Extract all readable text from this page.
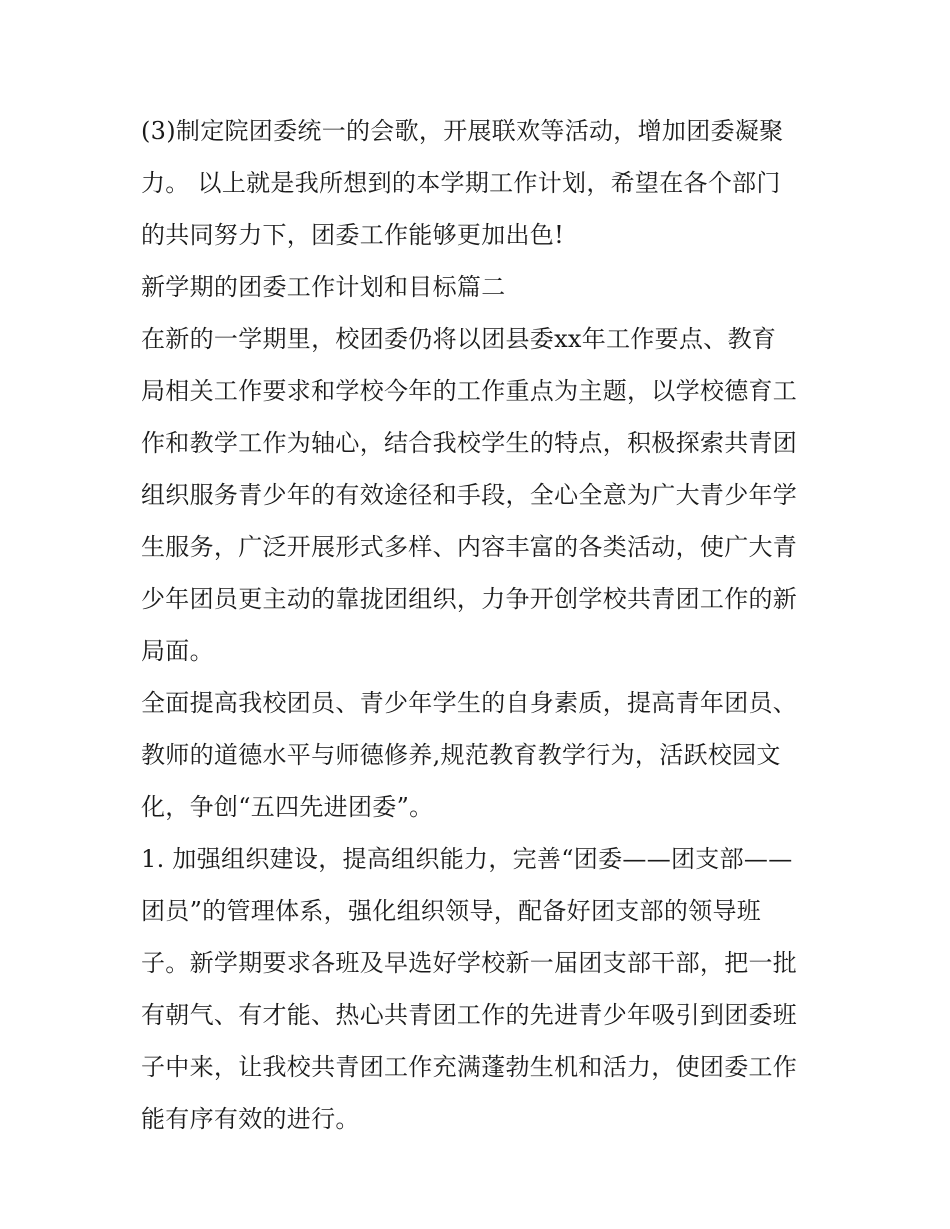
(3)制定院团委统一的会歌，开展联欢等活动，增加团委凝聚
力。 以上就是我所想到的本学期工作计划，希望在各个部门
的共同努力下，团委工作能够更加出色!
新学期的团委工作计划和目标篇二
在新的一学期里，校团委仍将以团县委xx年工作要点、教育
局相关工作要求和学校今年的工作重点为主题，以学校德育工
作和教学工作为轴心，结合我校学生的特点，积极探索共青团
组织服务青少年的有效途径和手段，全心全意为广大青少年学
生服务，广泛开展形式多样、内容丰富的各类活动，使广大青
少年团员更主动的靠拢团组织，力争开创学校共青团工作的新
局面。
全面提高我校团员、青少年学生的自身素质，提高青年团员、
教师的道德水平与师德修养,规范教育教学行为，活跃校园文
化，争创“五四先进团委”。
1. 加强组织建设，提高组织能力，完善“团委——团支部——
团员”的管理体系，强化组织领导，配备好团支部的领导班
子。新学期要求各班及早选好学校新一届团支部干部，把一批
有朝气、有才能、热心共青团工作的先进青少年吸引到团委班
子中来，让我校共青团工作充满蓬勃生机和活力，使团委工作
能有序有效的进行。
